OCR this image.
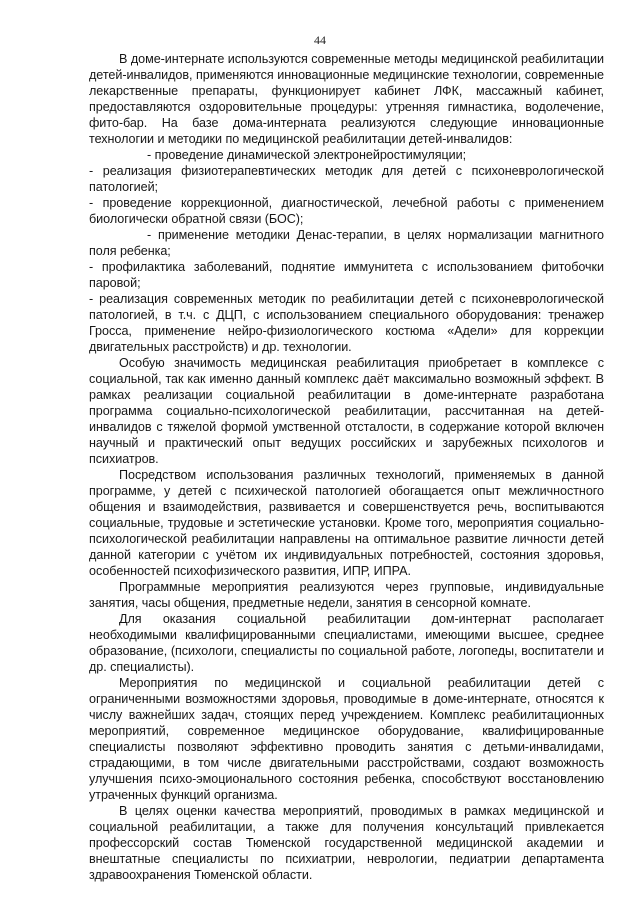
44

В доме-интернате используются современные методы медицинской реабилитации детей-инвалидов, применяются инновационные медицинские технологии, современные лекарственные препараты, функционирует кабинет ЛФК, массажный кабинет, предоставляются оздоровительные процедуры: утренняя гимнастика, водолечение, фито-бар. На базе дома-интерната реализуются следующие инновационные технологии и методики по медицинской реабилитации детей-инвалидов:

- проведение динамической электронейростимуляции;

- реализация физиотерапевтических методик для детей с психоневрологической патологией;

- проведение коррекционной, диагностической, лечебной работы с применением биологически обратной связи (БОС);

- применение методики Денас-терапии, в целях нормализации магнитного поля ребенка;

- профилактика заболеваний, поднятие иммунитета с использованием фитобочки паровой;

- реализация современных методик по реабилитации детей с психоневрологической патологией, в т.ч. с ДЦП, с использованием специального оборудования: тренажер Гросса, применение нейро-физиологического костюма «Адели» для коррекции двигательных расстройств) и др. технологии.

Особую значимость медицинская реабилитация приобретает в комплексе с социальной, так как именно данный комплекс даёт максимально возможный эффект. В рамках реализации социальной реабилитации в доме-интернате разработана программа социально-психологической реабилитации, рассчитанная на детей-инвалидов с тяжелой формой умственной отсталости, в содержание которой включен научный и практический опыт ведущих российских и зарубежных психологов и психиатров.

Посредством использования различных технологий, применяемых в данной программе, у детей с психической патологией обогащается опыт межличностного общения и взаимодействия, развивается и совершенствуется речь, воспитываются социальные, трудовые и эстетические установки. Кроме того, мероприятия социально-психологической реабилитации направлены на оптимальное развитие личности детей данной категории с учётом их индивидуальных потребностей, состояния здоровья, особенностей психофизического развития, ИПР, ИПРА.

Программные мероприятия реализуются через групповые, индивидуальные занятия, часы общения, предметные недели, занятия в сенсорной комнате.

Для оказания социальной реабилитации дом-интернат располагает необходимыми квалифицированными специалистами, имеющими высшее, среднее образование, (психологи, специалисты по социальной работе, логопеды, воспитатели и др. специалисты).

Мероприятия по медицинской и социальной реабилитации детей с ограниченными возможностями здоровья, проводимые в доме-интернате, относятся к числу важнейших задач, стоящих перед учреждением. Комплекс реабилитационных мероприятий, современное медицинское оборудование, квалифицированные специалисты позволяют эффективно проводить занятия с детьми-инвалидами, страдающими, в том числе двигательными расстройствами, создают возможность улучшения психо-эмоционального состояния ребенка, способствуют восстановлению утраченных функций организма.

В целях оценки качества мероприятий, проводимых в рамках медицинской и социальной реабилитации, а также для получения консультаций привлекается профессорский состав Тюменской государственной медицинской академии и внештатные специалисты по психиатрии, неврологии, педиатрии департамента здравоохранения Тюменской области.
